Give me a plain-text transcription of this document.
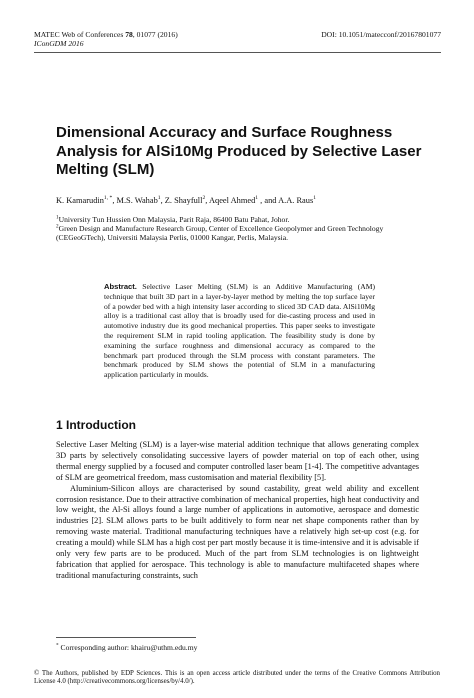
MATEC Web of Conferences 78, 01077 (2016)
IConGDM 2016
DOI: 10.1051/matecconf/20167801077
Dimensional Accuracy and Surface Roughness Analysis for AlSi10Mg Produced by Selective Laser Melting (SLM)
K. Kamarudin$^{1, *}$, M.S. Wahab$^1$, Z. Shayfull$^2$, Aqeel Ahmed$^1$ , and A.A. Raus$^1$
$^1$University Tun Hussien Onn Malaysia, Parit Raja, 86400 Batu Pahat, Johor.
$^2$Green Design and Manufacture Research Group, Center of Excellence Geopolymer and Green Technology (CEGeoGTech), Universiti Malaysia Perlis, 01000 Kangar, Perlis, Malaysia.
Abstract. Selective Laser Melting (SLM) is an Additive Manufacturing (AM) technique that built 3D part in a layer-by-layer method by melting the top surface layer of a powder bed with a high intensity laser according to sliced 3D CAD data. AlSi10Mg alloy is a traditional cast alloy that is broadly used for die-casting process and used in automotive industry due its good mechanical properties. This paper seeks to investigate the requirement SLM in rapid tooling application. The feasibility study is done by examining the surface roughness and dimensional accuracy as compared to the benchmark part produced through the SLM process with constant parameters. The benchmark produced by SLM shows the potential of SLM in a manufacturing application particularly in moulds.
1 Introduction

Selective Laser Melting (SLM) is a layer-wise material addition technique that allows generating complex 3D parts by selectively consolidating successive layers of powder material on top of each other, using thermal energy supplied by a focused and computer controlled laser beam [1-4]. The competitive advantages of SLM are geometrical freedom, mass customisation and material flexibility [5].

Aluminium-Silicon alloys are characterised by sound castability, great weld ability and excellent corrosion resistance. Due to their attractive combination of mechanical properties, high heat conductivity and low weight, the Al-Si alloys found a large number of applications in automotive, aerospace and domestic industries [2]. SLM allows parts to be built additively to form near net shape components rather than by removing waste material. Traditional manufacturing techniques have a relatively high set-up cost (e.g. for creating a mould) while SLM has a high cost per part mostly because it is time-intensive and it is advisable if only very few parts are to be produced. Much of the part from SLM technologies is on lightweight fabrication that applied for aerospace. This technology is able to manufacture multifaceted shapes where traditional manufacturing constraints, such

* Corresponding author: khairu@uthm.edu.my
© The Authors, published by EDP Sciences. This is an open access article distributed under the terms of the Creative Commons Attribution License 4.0 (http://creativecommons.org/licenses/by/4.0/).
